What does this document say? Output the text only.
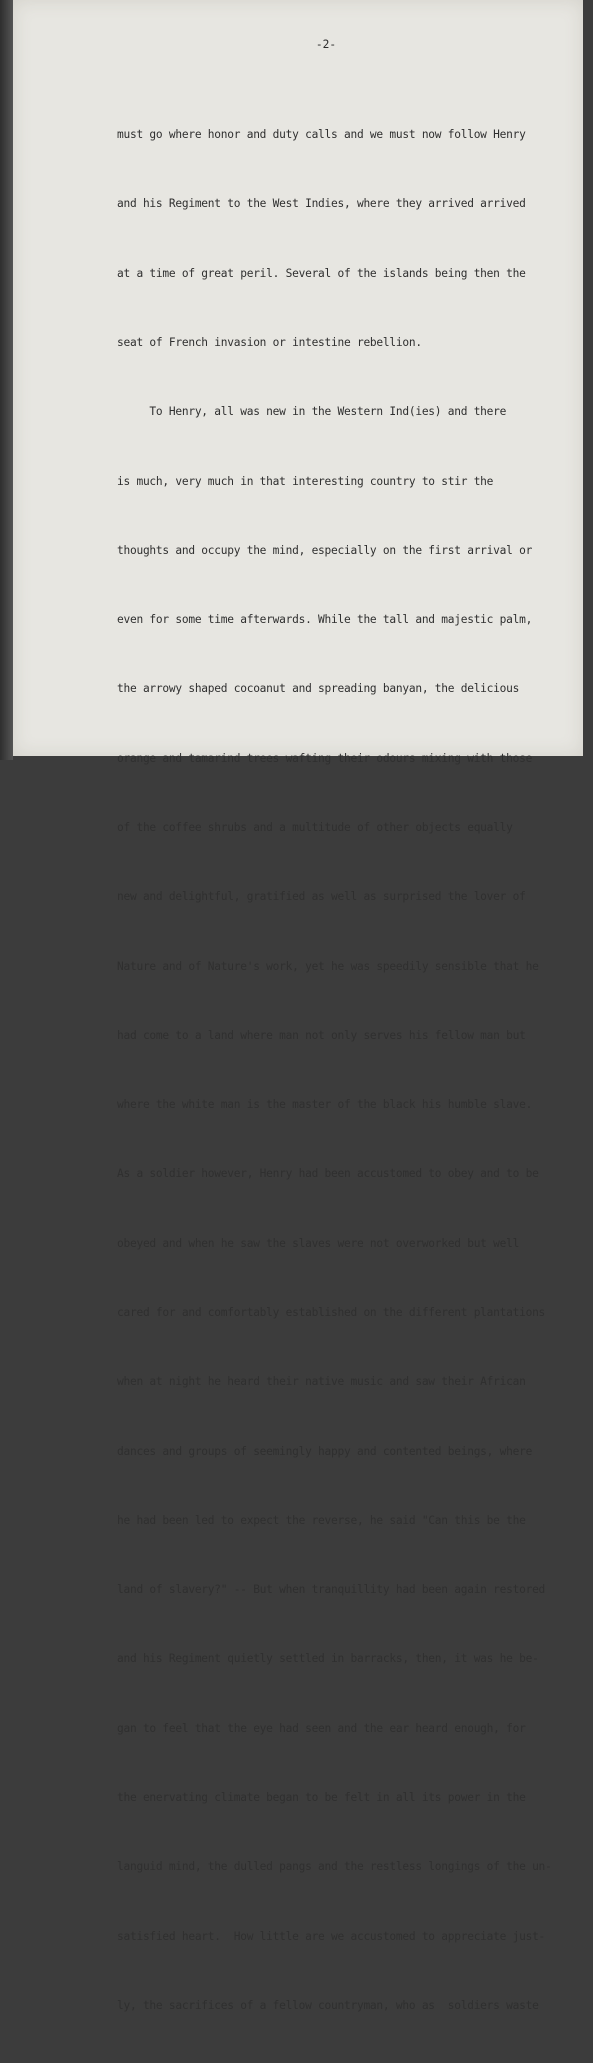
-2-

must go where honor and duty calls and we must now follow Henry

and his Regiment to the West Indies, where they arrived arrived

at a time of great peril. Several of the islands being then the

seat of French invasion or intestine rebellion.

To Henry, all was new in the Western Ind(ies) and there

is much, very much in that interesting country to stir the

thoughts and occupy the mind, especially on the first arrival or

even for some time afterwards. While the tall and majestic palm,

the arrowy shaped cocoanut and spreading banyan, the delicious

orange and tamarind trees wafting their odours mixing with those

of the coffee shrubs and a multitude of other objects equally

new and delightful, gratified as well as surprised the lover of

Nature and of Nature's work, yet he was speedily sensible that he

had come to a land where man not only serves his fellow man but

where the white man is the master of the black his humble slave.

As a soldier however, Henry had been accustomed to obey and to be

obeyed and when he saw the slaves were not overworked but well

cared for and comfortably established on the different plantations

when at night he heard their native music and saw their African

dances and groups of seemingly happy and contented beings, where

he had been led to expect the reverse, he said "Can this be the

land of slavery?" -- But when tranquillity had been again restored

and his Regiment quietly settled in barracks, then, it was he be-

gan to feel that the eye had seen and the ear heard enough, for

the enervating climate began to be felt in all its power in the

languid mind, the dulled pangs and the restless longings of the un-

satisfied heart.  How little are we accustomed to appreciate just-

ly, the sacrifices of a fellow countryman, who as  soldiers waste
